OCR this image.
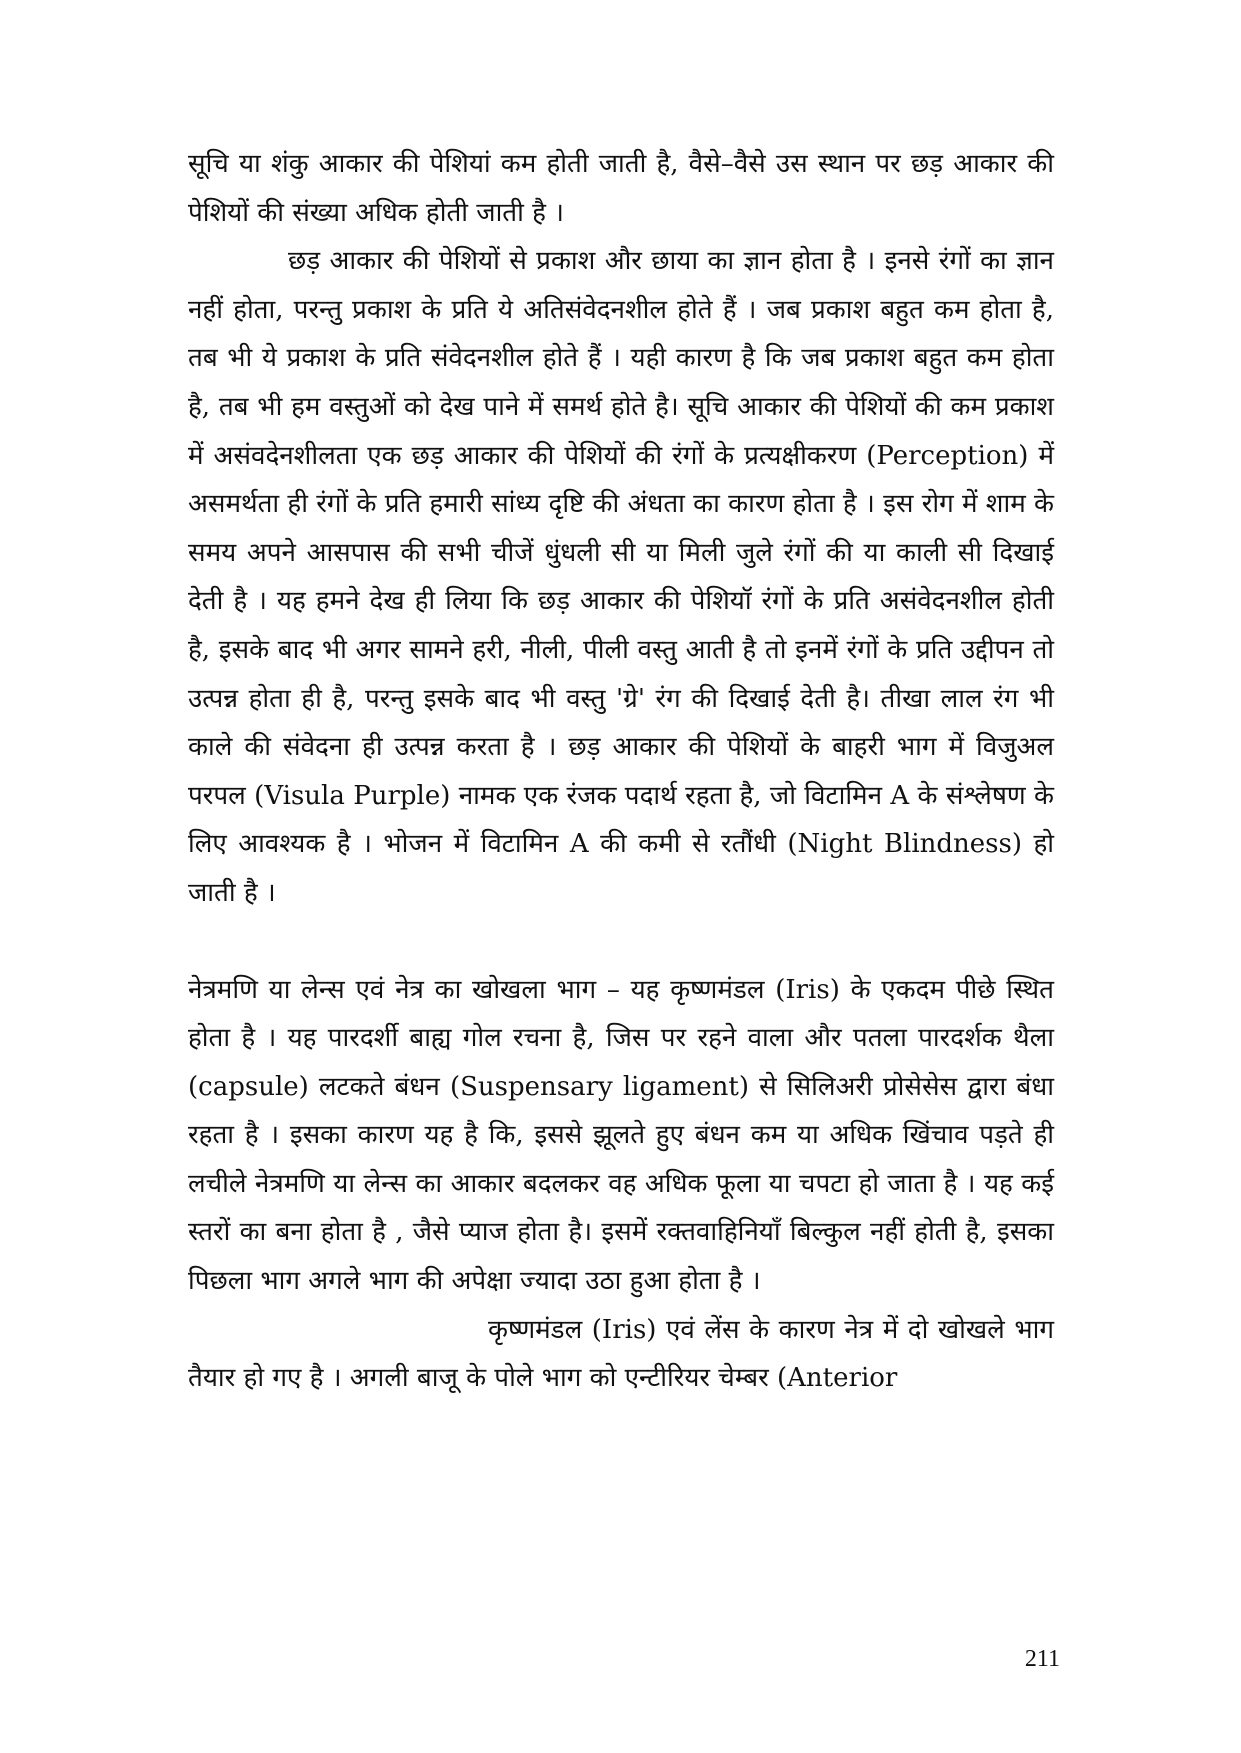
सूचि या शंकु आकार की पेशियां कम होती जाती है, वैसे–वैसे उस स्थान पर छड़ आकार की पेशियों की संख्या अधिक होती जाती है ।

छड़ आकार की पेशियों से प्रकाश और छाया का ज्ञान होता है । इनसे रंगों का ज्ञान नहीं होता, परन्तु प्रकाश के प्रति ये अतिसंवेदनशील होते हैं । जब प्रकाश बहुत कम होता है, तब भी ये प्रकाश के प्रति संवेदनशील होते हैं । यही कारण है कि जब प्रकाश बहुत कम होता है, तब भी हम वस्तुओं को देख पाने में समर्थ होते है। सूचि आकार की पेशियों की कम प्रकाश में असंवदेनशीलता एक छड़ आकार की पेशियों की रंगों के प्रत्यक्षीकरण (Perception) में असमर्थता ही रंगों के प्रति हमारी सांध्य दृष्टि की अंधता का कारण होता है । इस रोग में शाम के समय अपने आसपास की सभी चीजें धुंधली सी या मिली जुले रंगों की या काली सी दिखाई देती है । यह हमने देख ही लिया कि छड़ आकार की पेशियॉ रंगों के प्रति असंवेदनशील होती है, इसके बाद भी अगर सामने हरी, नीली, पीली वस्तु आती है तो इनमें रंगों के प्रति उद्दीपन तो उत्पन्न होता ही है, परन्तु इसके बाद भी वस्तु 'ग्रे' रंग की दिखाई देती है। तीखा लाल रंग भी काले की संवेदना ही उत्पन्न करता है । छड़ आकार की पेशियों के बाहरी भाग में विजुअल परपल (Visula Purple) नामक एक रंजक पदार्थ रहता है, जो विटामिन A के संश्लेषण के लिए आवश्यक है । भोजन में विटामिन A की कमी से रतौंधी (Night Blindness) हो जाती है ।

नेत्रमणि या लेन्स एवं नेत्र का खोखला भाग – यह कृष्णमंडल (Iris) के एकदम पीछे स्थित होता है । यह पारदर्शी बाह्य गोल रचना है, जिस पर रहने वाला और पतला पारदर्शक थैला (capsule) लटकते बंधन (Suspensary ligament) से सिलिअरी प्रोसेसेस द्वारा बंधा रहता है । इसका कारण यह है कि, इससे झूलते हुए बंधन कम या अधिक खिंचाव पड़ते ही लचीले नेत्रमणि या लेन्स का आकार बदलकर वह अधिक फूला या चपटा हो जाता है । यह कई स्तरों का बना होता है , जैसे प्याज होता है। इसमें रक्तवाहिनियॉं बिल्कुल नहीं होती है, इसका पिछला भाग अगले भाग की अपेक्षा ज्यादा उठा हुआ होता है ।

कृष्णमंडल (Iris) एवं लेंस के कारण नेत्र में दो खोखले भाग तैयार हो गए है । अगली बाजू के पोले भाग को एन्टीरियर चेम्बर (Anterior

211
